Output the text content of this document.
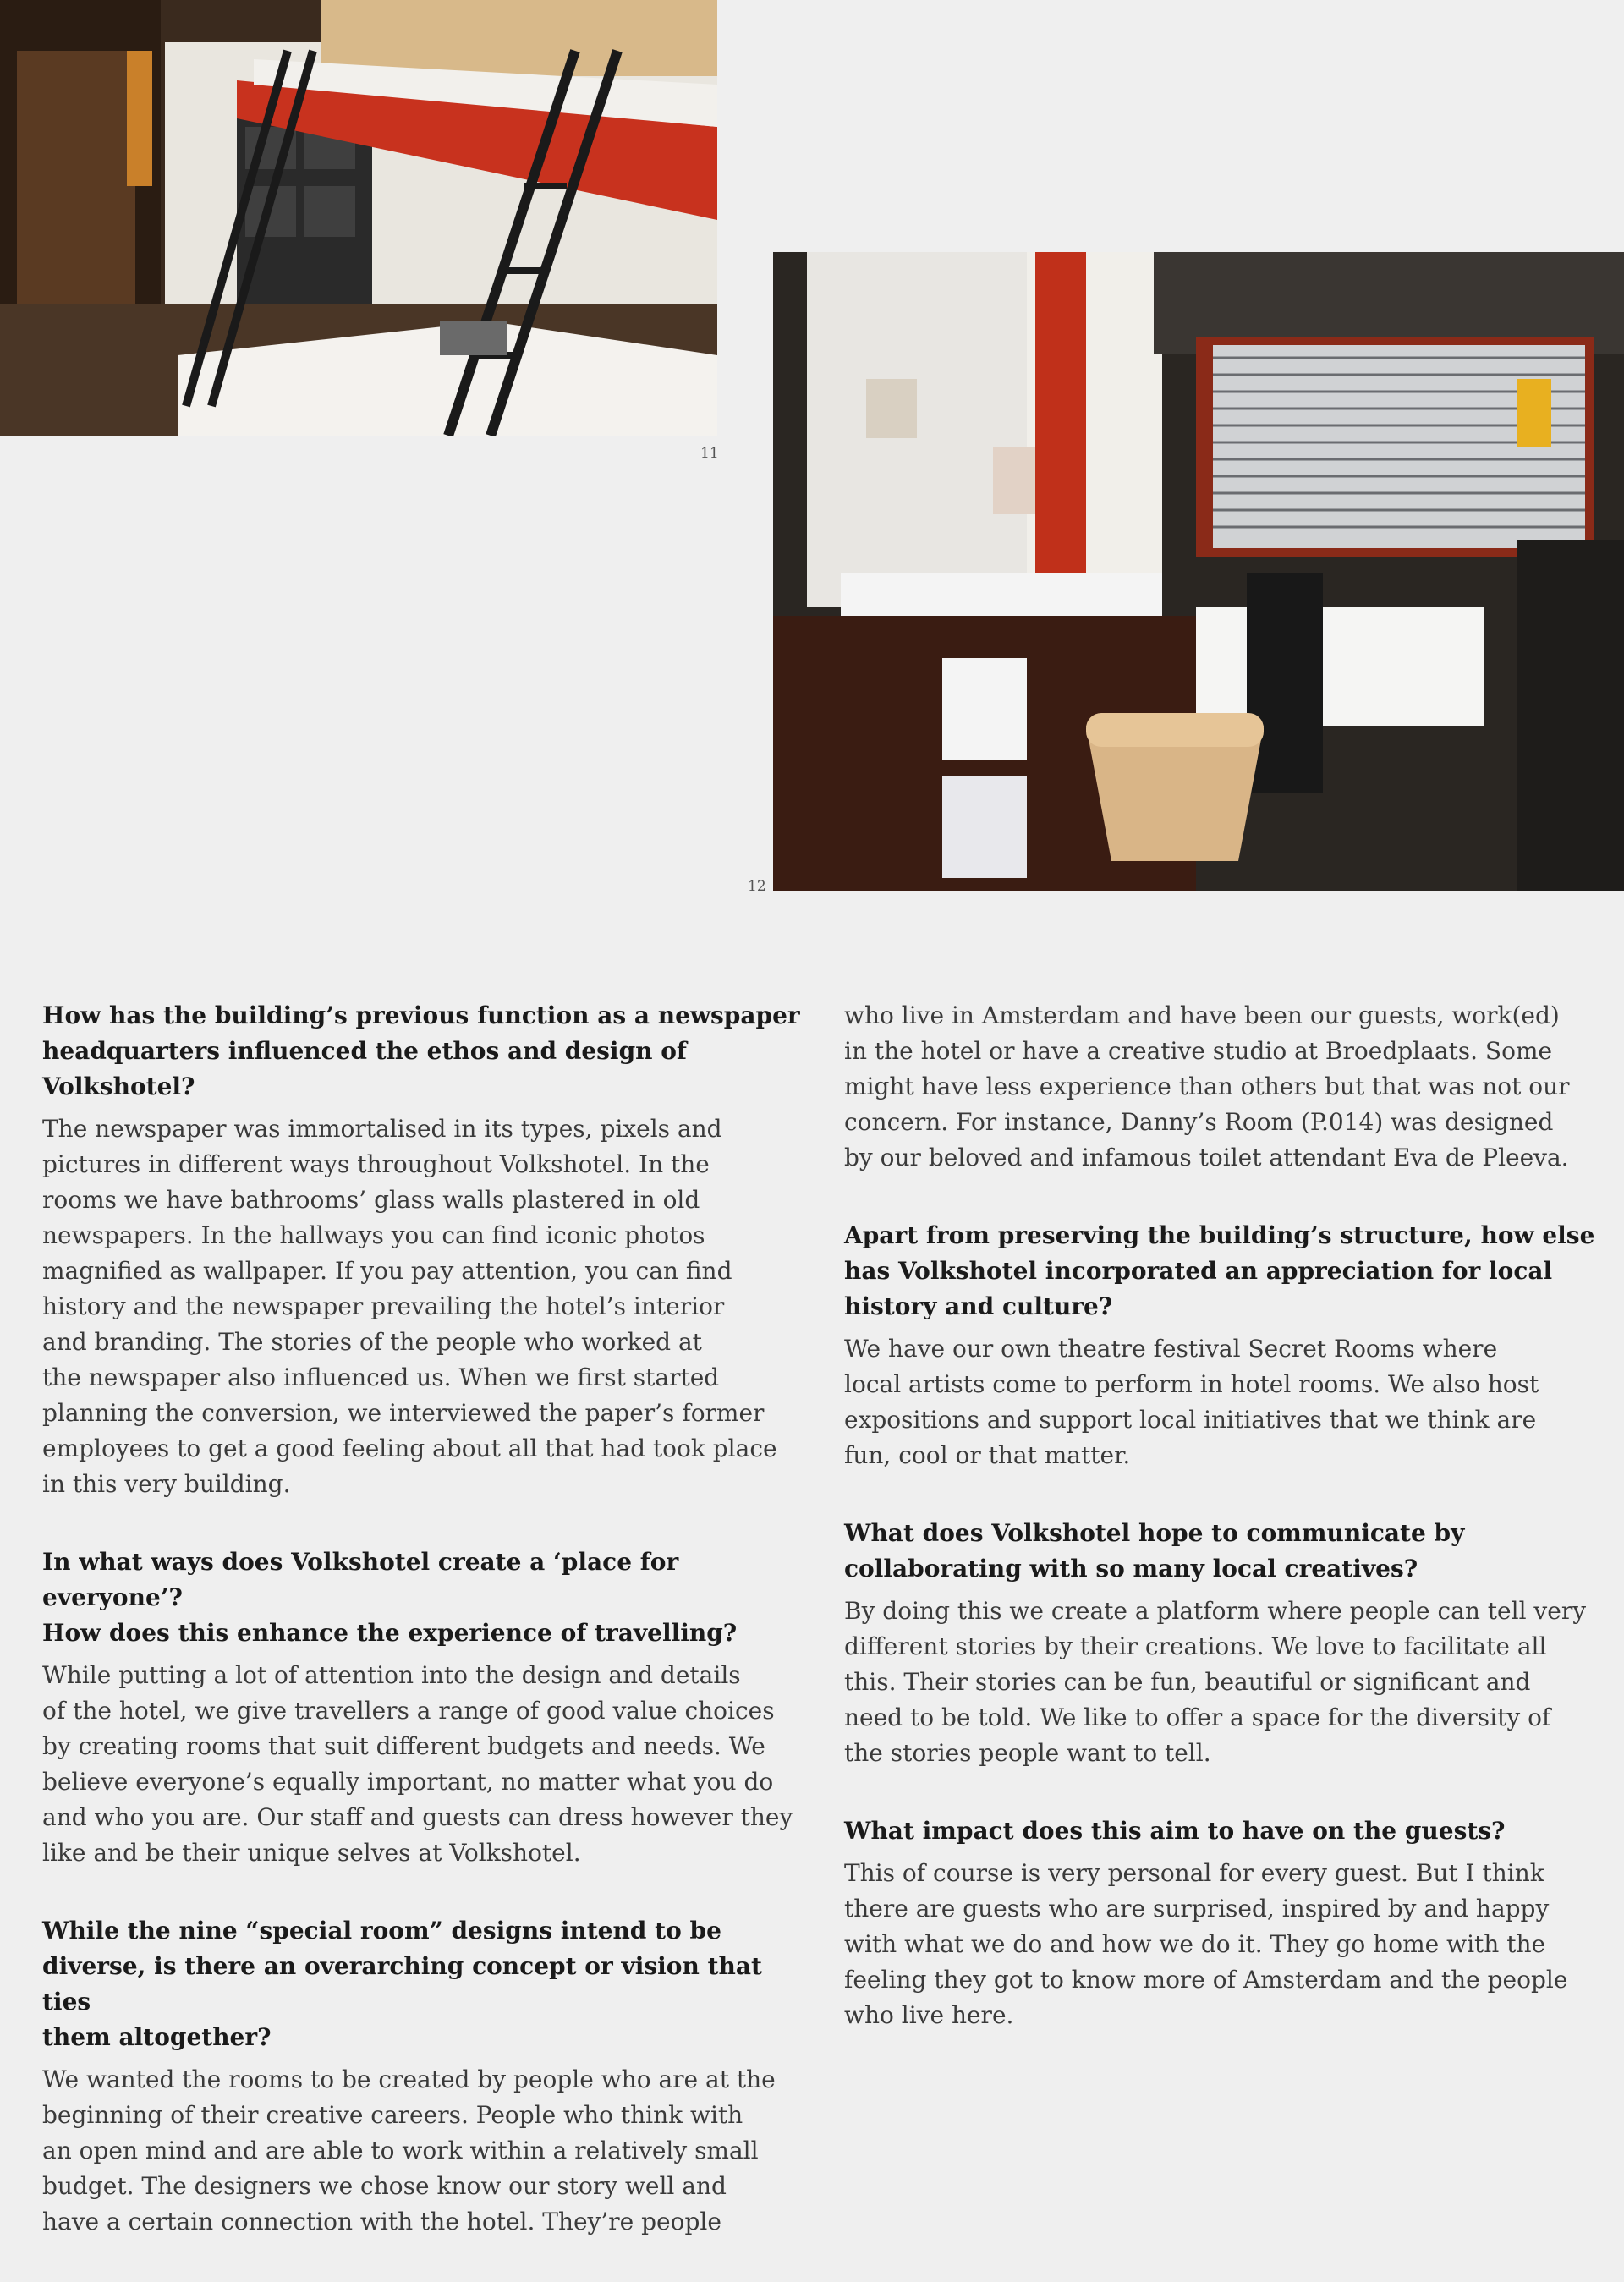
11
12
How has the building’s previous function as a newspaper
headquarters influenced the ethos and design of Volkshotel?
The newspaper was immortalised in its types, pixels and
pictures in different ways throughout Volkshotel. In the
rooms we have bathrooms’ glass walls plastered in old
newspapers. In the hallways you can find iconic photos
magnified as wallpaper. If you pay attention, you can find
history and the newspaper prevailing the hotel’s interior
and branding. The stories of the people who worked at
the newspaper also influenced us. When we first started
planning the conversion, we interviewed the paper’s former
employees to get a good feeling about all that had took place
in this very building.
In what ways does Volkshotel create a ‘place for everyone’?
How does this enhance the experience of travelling?
While putting a lot of attention into the design and details
of the hotel, we give travellers a range of good value choices
by creating rooms that suit different budgets and needs. We
believe everyone’s equally important, no matter what you do
and who you are. Our staff and guests can dress however they
like and be their unique selves at Volkshotel.
While the nine “special room” designs intend to be
diverse, is there an overarching concept or vision that ties
them altogether?
We wanted the rooms to be created by people who are at the
beginning of their creative careers. People who think with
an open mind and are able to work within a relatively small
budget. The designers we chose know our story well and
have a certain connection with the hotel. They’re people
who live in Amsterdam and have been our guests, work(ed)
in the hotel or have a creative studio at Broedplaats. Some
might have less experience than others but that was not our
concern. For instance, Danny’s Room (P.014) was designed
by our beloved and infamous toilet attendant Eva de Pleeva.
Apart from preserving the building’s structure, how else
has Volkshotel incorporated an appreciation for local
history and culture?
We have our own theatre festival Secret Rooms where
local artists come to perform in hotel rooms. We also host
expositions and support local initiatives that we think are
fun, cool or that matter.
What does Volkshotel hope to communicate by
collaborating with so many local creatives?
By doing this we create a platform where people can tell very
different stories by their creations. We love to facilitate all
this. Their stories can be fun, beautiful or significant and
need to be told. We like to offer a space for the diversity of
the stories people want to tell.
What impact does this aim to have on the guests?
This of course is very personal for every guest. But I think
there are guests who are surprised, inspired by and happy
with what we do and how we do it. They go home with the
feeling they got to know more of Amsterdam and the people
who live here.
